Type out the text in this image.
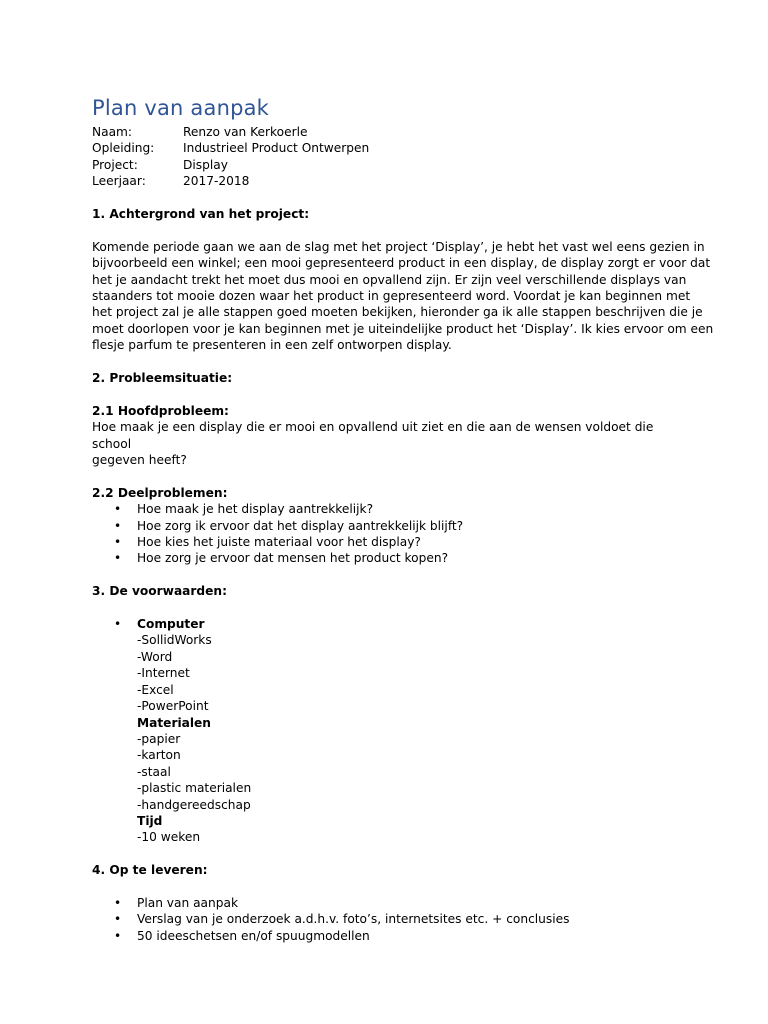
Plan van aanpak
Naam:	Renzo van Kerkoerle
Opleiding:	Industrieel Product Ontwerpen
Project:	Display
Leerjaar:	2017-2018
1. Achtergrond van het project:
Komende periode gaan we aan de slag met het project ‘Display’, je hebt het vast wel eens gezien in
bijvoorbeeld een winkel; een mooi gepresenteerd product in een display, de display zorgt er voor dat
het je aandacht trekt het moet dus mooi en opvallend zijn. Er zijn veel verschillende displays van
staanders tot mooie dozen waar het product in gepresenteerd word. Voordat je kan beginnen met
het project zal je alle stappen goed moeten bekijken, hieronder ga ik alle stappen beschrijven die je
moet doorlopen voor je kan beginnen met je uiteindelijke product het ‘Display’. Ik kies ervoor om een
flesje parfum te presenteren in een zelf ontworpen display.
2. Probleemsituatie:
2.1 Hoofdprobleem:
Hoe maak je een display die er mooi en opvallend uit ziet en die aan de wensen voldoet die school
gegeven heeft?
2.2 Deelproblemen:
• Hoe maak je het display aantrekkelijk?
• Hoe zorg ik ervoor dat het display aantrekkelijk blijft?
• Hoe kies het juiste materiaal voor het display?
• Hoe zorg je ervoor dat mensen het product kopen?
3. De voorwaarden:
• Computer
-SollidWorks
-Word
-Internet
-Excel
-PowerPoint
Materialen
-papier
-karton
-staal
-plastic materialen
-handgereedschap
Tijd
-10 weken
4. Op te leveren:
• Plan van aanpak
• Verslag van je onderzoek a.d.h.v. foto’s, internetsites etc. + conclusies
• 50 ideeschetsen en/of spuugmodellen
